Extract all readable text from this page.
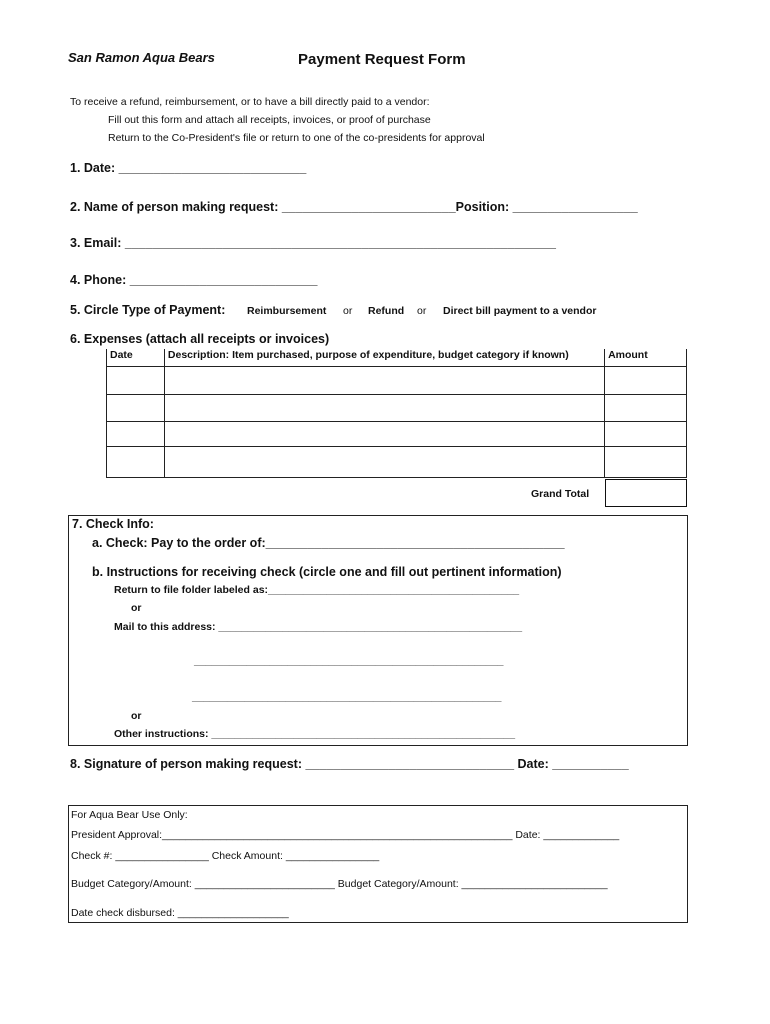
San Ramon Aqua Bears	Payment Request Form
To receive a refund, reimbursement, or to have a bill directly paid to a vendor:
Fill out this form and attach all receipts, invoices, or proof of purchase
Return to the Co-President's file or return to one of the co-presidents for approval
1. Date: ___________________________
2. Name of person making request: _________________________Position: __________________
3. Email: ______________________________________________________________
4. Phone: ___________________________
5. Circle Type of Payment: Reimbursement or Refund or Direct bill payment to a vendor
6. Expenses (attach all receipts or invoices)
Date	Description: Item purchased, purpose of expenditure, budget category if known)	Amount

Grand Total
7. Check Info:
a. Check: Pay to the order of:___________________________________________
b. Instructions for receiving check (circle one and fill out pertinent information)
Return to file folder labeled as:___________________________________________
or
Mail to this address: ____________________________________________________
_____________________________________________________
_____________________________________________________
or
Other instructions: ____________________________________________________
8. Signature of person making request: ______________________________ Date: ___________
For Aqua Bear Use Only:
President Approval:____________________________________________________________ Date: _____________
Check #: ________________ Check Amount: ________________
Budget Category/Amount: ________________________ Budget Category/Amount: _________________________
Date check disbursed: ___________________
